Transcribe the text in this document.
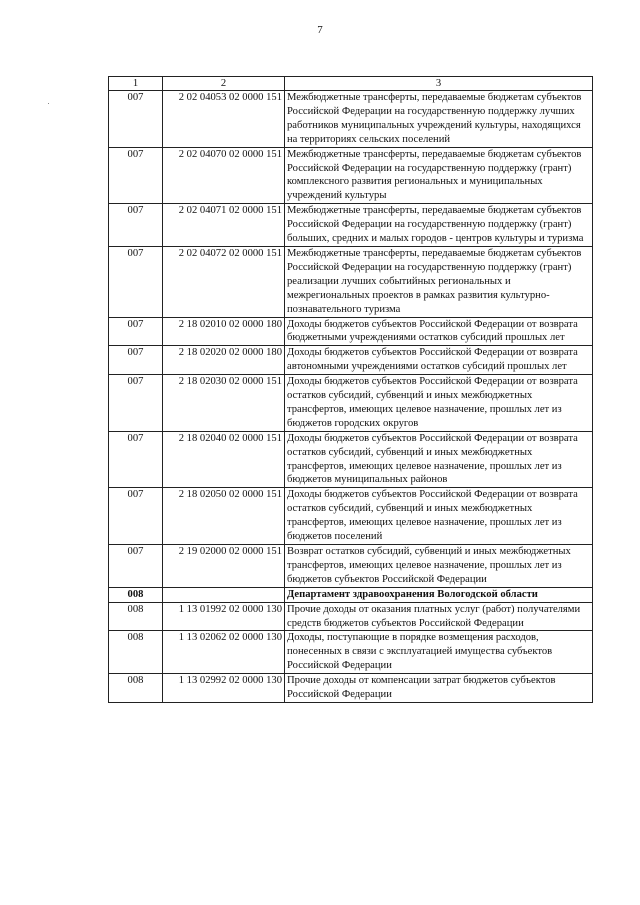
7
1	2	3
007	2 02 04053 02 0000 151	Межбюджетные трансферты, передаваемые бюджетам субъектов Российской Федерации на государственную поддержку лучших работников муниципальных учреждений культуры, находящихся на территориях сельских поселений
007	2 02 04070 02 0000 151	Межбюджетные трансферты, передаваемые бюджетам субъектов Российской Федерации на государственную поддержку (грант) комплексного развития региональных и муниципальных учреждений культуры
007	2 02 04071 02 0000 151	Межбюджетные трансферты, передаваемые бюджетам субъектов Российской Федерации на государственную поддержку (грант) больших, средних и малых городов - центров культуры и туризма
007	2 02 04072 02 0000 151	Межбюджетные трансферты, передаваемые бюджетам субъектов Российской Федерации на государственную поддержку (грант) реализации лучших событийных региональных и межрегиональных проектов в рамках развития культурно-познавательного туризма
007	2 18 02010 02 0000 180	Доходы бюджетов субъектов Российской Федерации от возврата бюджетными учреждениями остатков субсидий прошлых лет
007	2 18 02020 02 0000 180	Доходы бюджетов субъектов Российской Федерации от возврата автономными учреждениями остатков субсидий прошлых лет
007	2 18 02030 02 0000 151	Доходы бюджетов субъектов Российской Федерации от возврата остатков субсидий, субвенций и иных межбюджетных трансфертов, имеющих целевое назначение, прошлых лет из бюджетов городских округов
007	2 18 02040 02 0000 151	Доходы бюджетов субъектов Российской Федерации от возврата остатков субсидий, субвенций и иных межбюджетных трансфертов, имеющих целевое назначение, прошлых лет из бюджетов муниципальных районов
007	2 18 02050 02 0000 151	Доходы бюджетов субъектов Российской Федерации от возврата остатков субсидий, субвенций и иных межбюджетных трансфертов, имеющих целевое назначение, прошлых лет из бюджетов поселений
007	2 19 02000 02 0000 151	Возврат остатков субсидий, субвенций и иных межбюджетных трансфертов, имеющих целевое назначение, прошлых лет из бюджетов субъектов Российской Федерации
008		Департамент здравоохранения Вологодской области
008	1 13 01992 02 0000 130	Прочие доходы от оказания платных услуг (работ) получателями средств бюджетов субъектов Российской Федерации
008	1 13 02062 02 0000 130	Доходы, поступающие в порядке возмещения расходов, понесенных в связи с эксплуатацией имущества субъектов Российской Федерации
008	1 13 02992 02 0000 130	Прочие доходы от компенсации затрат бюджетов субъектов Российской Федерации
